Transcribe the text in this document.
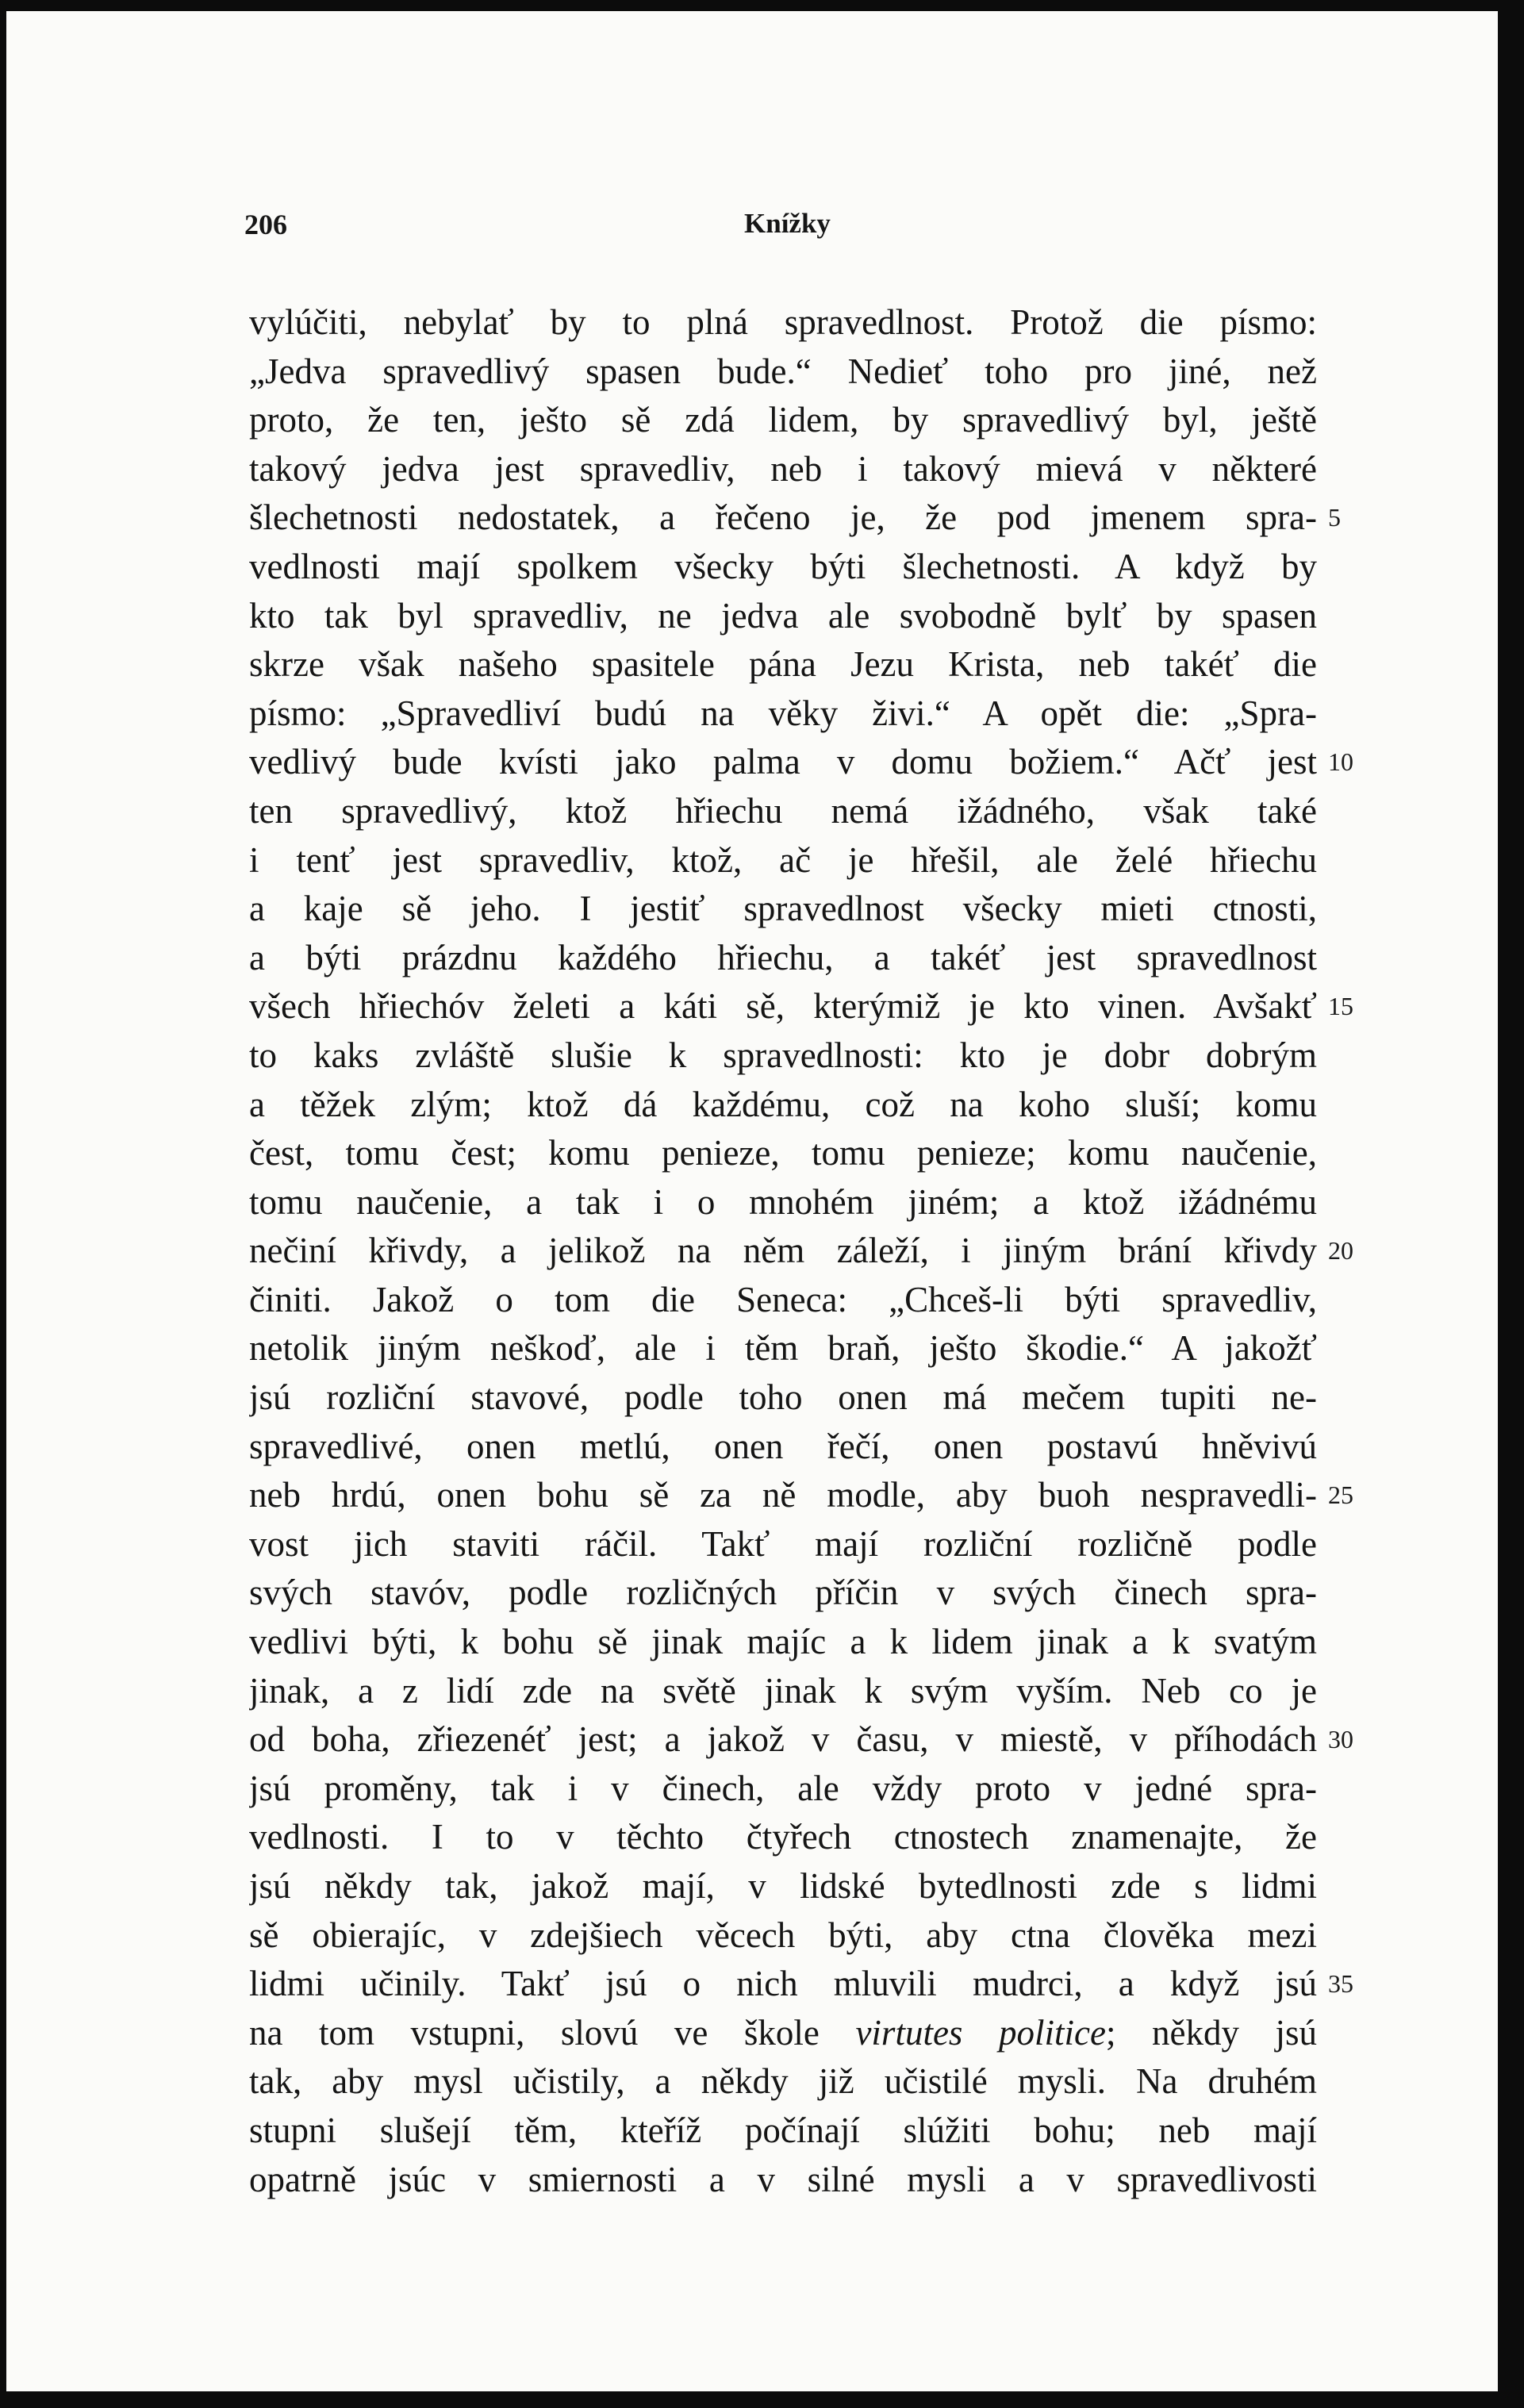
206	Knížky
vylúčiti, nebylať by to plná spravedlnost. Protož die písmo:
„Jedva spravedlivý spasen bude.“ Nedieť toho pro jiné, než
proto, že ten, ješto sě zdá lidem, by spravedlivý byl, ještě
takový jedva jest spravedliv, neb i takový mievá v některé
šlechetnosti nedostatek, a řečeno je, že pod jmenem spra-
vedlnosti mají spolkem všecky býti šlechetnosti. A když by
kto tak byl spravedliv, ne jedva ale svobodně bylť by spasen
skrze však našeho spasitele pána Jezu Krista, neb takéť die
písmo: „Spravedliví budú na věky živi.“ A opět die: „Spra-
vedlivý bude kvísti jako palma v domu božiem.“ Ačť jest
ten spravedlivý, ktož hřiechu nemá ižádného, však také
i tenť jest spravedliv, ktož, ač je hřešil, ale želé hřiechu
a kaje sě jeho. I jestiť spravedlnost všecky mieti ctnosti,
a býti prázdnu každého hřiechu, a takéť jest spravedlnost
všech hřiechóv želeti a káti sě, kterýmiž je kto vinen. Avšakť
to kaks zvláště slušie k spravedlnosti: kto je dobr dobrým
a těžek zlým; ktož dá každému, což na koho sluší; komu
čest, tomu čest; komu penieze, tomu penieze; komu naučenie,
tomu naučenie, a tak i o mnohém jiném; a ktož ižádnému
nečiní křivdy, a jelikož na něm záleží, i jiným brání křivdy
činiti. Jakož o tom die Seneca: „Chceš-li býti spravedliv,
netolik jiným neškoď, ale i těm braň, ješto škodie.“ A jakožť
jsú rozliční stavové, podle toho onen má mečem tupiti ne-
spravedlivé, onen metlú, onen řečí, onen postavú hněvivú
neb hrdú, onen bohu sě za ně modle, aby buoh nespravedli-
vost jich staviti ráčil. Takť mají rozliční rozličně podle
svých stavóv, podle rozličných příčin v svých činech spra-
vedlivi býti, k bohu sě jinak majíc a k lidem jinak a k svatým
jinak, a z lidí zde na světě jinak k svým vyším. Neb co je
od boha, zřiezenéť jest; a jakož v času, v miestě, v příhodách
jsú proměny, tak i v činech, ale vždy proto v jedné spra-
vedlnosti. I to v těchto čtyřech ctnostech znamenajte, že
jsú někdy tak, jakož mají, v lidské bytedlnosti zde s lidmi
sě obierajíc, v zdejšiech věcech býti, aby ctna člověka mezi
lidmi učinily. Takť jsú o nich mluvili mudrci, a když jsú
na tom vstupni, slovú ve škole virtutes politice; někdy jsú
tak, aby mysl učistily, a někdy již učistilé mysli. Na druhém
stupni slušejí těm, kteříž počínají slúžiti bohu; neb mají
opatrně jsúc v smiernosti a v silné mysli a v spravedlivosti
5
10
15
20
25
30
35
